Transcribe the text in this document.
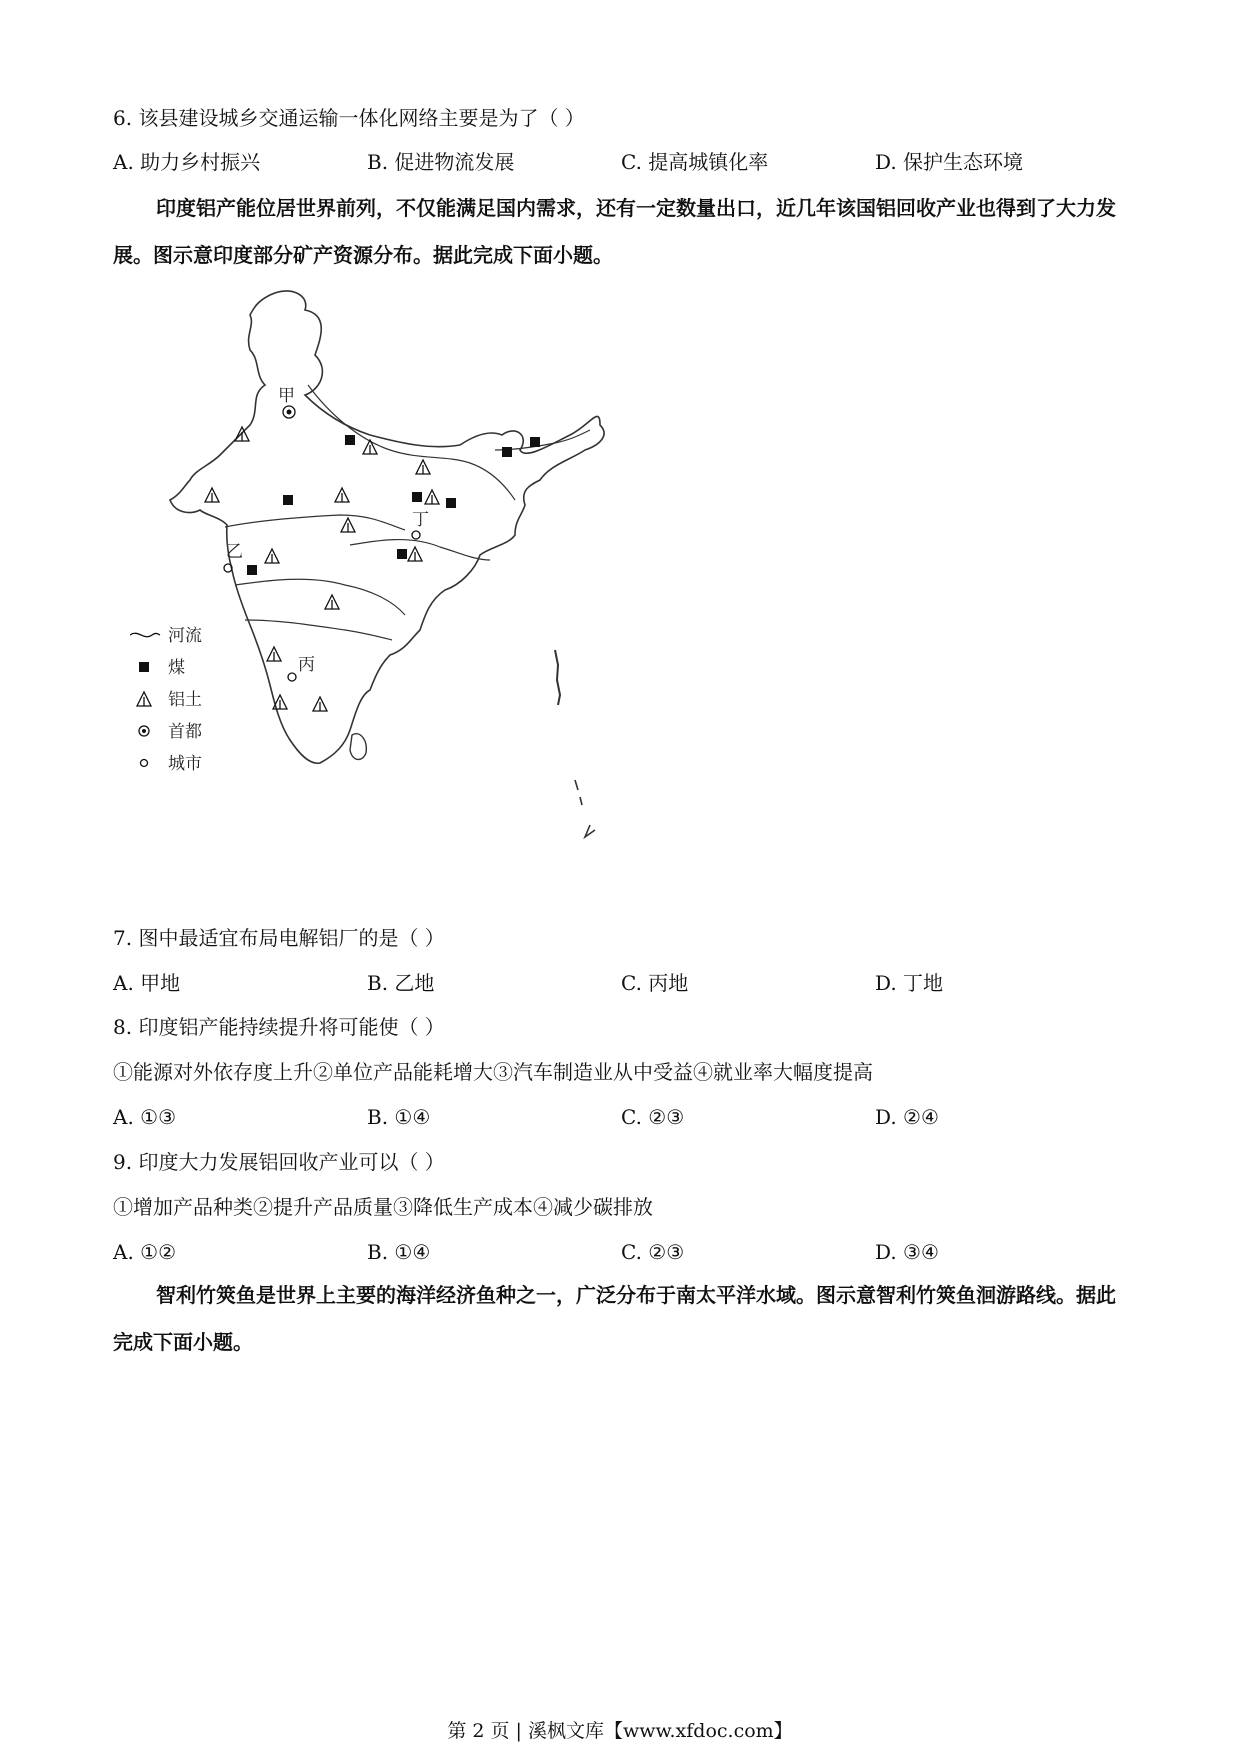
6. 该县建设城乡交通运输一体化网络主要是为了（ ）
A. 助力乡村振兴	B. 促进物流发展	C. 提高城镇化率	D. 保护生态环境
印度铝产能位居世界前列，不仅能满足国内需求，还有一定数量出口，近几年该国铝回收产业也得到了大力发展。图示意印度部分矿产资源分布。据此完成下面小题。
甲
乙
丁
丙
河流
煤
铝土
首都
城市
7. 图中最适宜布局电解铝厂的是（ ）
A. 甲地	B. 乙地	C. 丙地	D. 丁地
8. 印度铝产能持续提升将可能使（ ）
①能源对外依存度上升②单位产品能耗增大③汽车制造业从中受益④就业率大幅度提高
A. ①③	B. ①④	C. ②③	D. ②④
9. 印度大力发展铝回收产业可以（ ）
①增加产品种类②提升产品质量③降低生产成本④减少碳排放
A. ①②	B. ①④	C. ②③	D. ③④
智利竹筴鱼是世界上主要的海洋经济鱼种之一，广泛分布于南太平洋水域。图示意智利竹筴鱼洄游路线。据此完成下面小题。
第 2 页 | 溪枫文库【www.xfdoc.com】
